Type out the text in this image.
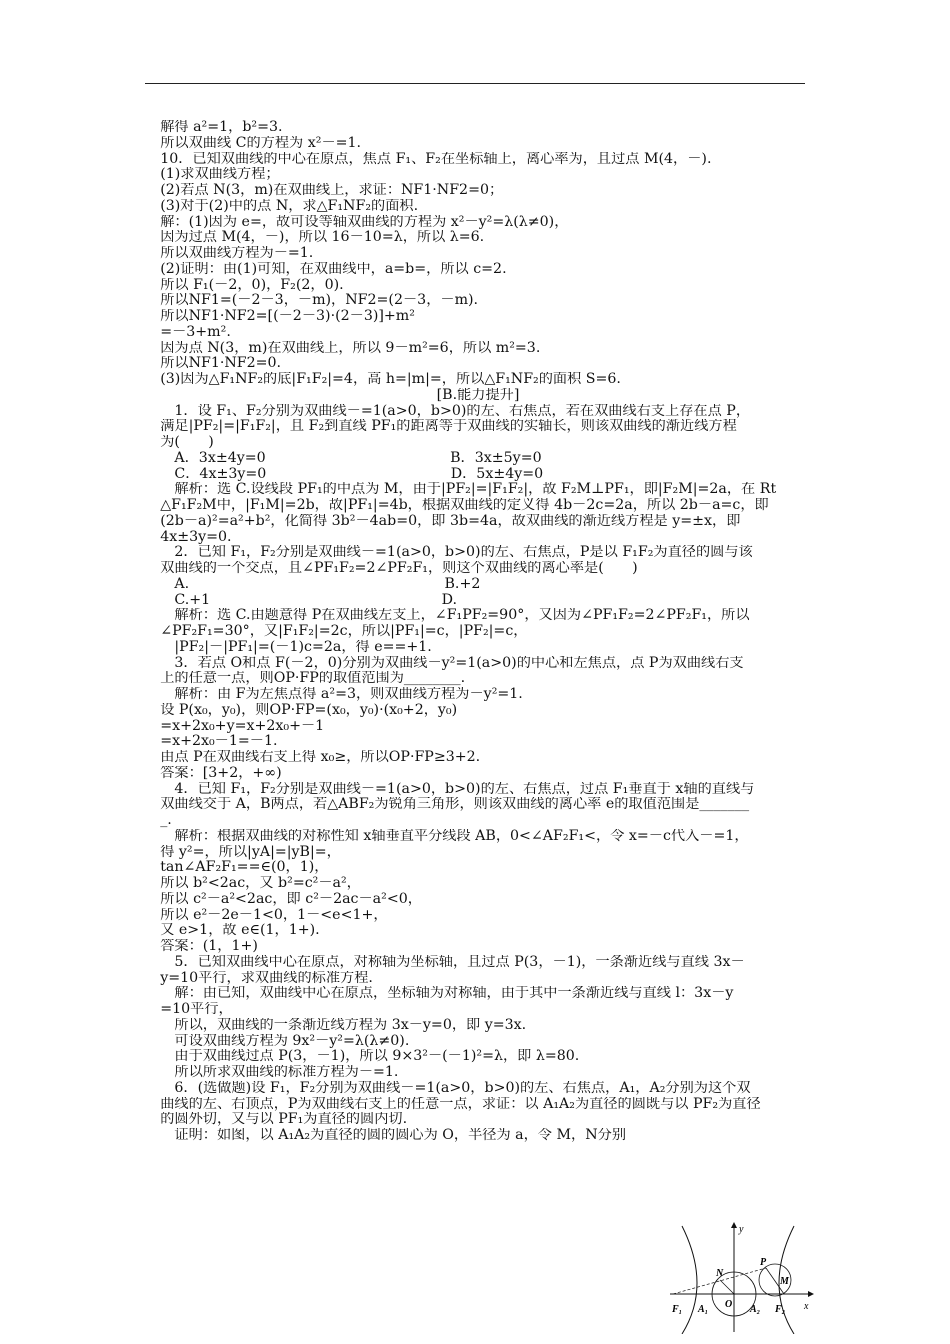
　解得 a²=1，b²=3.
　所以双曲线 C的方程为 x²－=1.
　10．已知双曲线的中心在原点，焦点 F₁、F₂在坐标轴上，离心率为，且过点 M(4，－).
　(1)求双曲线方程；
　(2)若点 N(3，m)在双曲线上，求证：NF1·NF2=0；
　(3)对于(2)中的点 N，求△F₁NF₂的面积.
　解：(1)因为 e=，故可设等轴双曲线的方程为 x²－y²=λ(λ≠0)，
　因为过点 M(4，－)，所以 16－10=λ，所以 λ=6.
　所以双曲线方程为－=1.
　(2)证明：由(1)可知，在双曲线中，a=b=，所以 c=2.
　所以 F₁(－2，0)，F₂(2，0).
　所以NF1=(－2－3，－m)，NF2=(2－3，－m).
　所以NF1·NF2=[(－2－3)·(2－3)]+m²
　=－3+m².
　因为点 N(3，m)在双曲线上，所以 9－m²=6，所以 m²=3.
　所以NF1·NF2=0.
　(3)因为△F₁NF₂的底|F₁F₂|=4，高 h=|m|=，所以△F₁NF₂的面积 S=6.
[B.能力提升]
　　1．设 F₁、F₂分别为双曲线－=1(a>0，b>0)的左、右焦点，若在双曲线右支上存在点 P，
　满足|PF₂|=|F₁F₂|，且 F₂到直线 PF₁的距离等于双曲线的实轴长，则该双曲线的渐近线方程
　为(　　)
　　A．3x±4y=0　　　　　　　　　　　　　B．3x±5y=0
　　C．4x±3y=0　　　　　　　　　　　　　D．5x±4y=0
　　解析：选 C.设线段 PF₁的中点为 M，由于|PF₂|=|F₁F₂|，故 F₂M⊥PF₁，即|F₂M|=2a，在 Rt
　△F₁F₂M中，|F₁M|=2b，故|PF₁|=4b，根据双曲线的定义得 4b－2c=2a，所以 2b－a=c，即
　(2b－a)²=a²+b²，化简得 3b²－4ab=0，即 3b=4a，故双曲线的渐近线方程是 y=±x，即
　4x±3y=0.
　　2．已知 F₁，F₂分别是双曲线－=1(a>0，b>0)的左、右焦点，P是以 F₁F₂为直径的圆与该
　双曲线的一个交点，且∠PF₁F₂=2∠PF₂F₁，则这个双曲线的离心率是(　　)
　　A.　　　　　　　　　　　　　　　　　　B.+2
　　C.+1　　　　　　　　　　　　　　　　 D.
　　解析：选 C.由题意得 P在双曲线左支上，∠F₁PF₂=90°，又因为∠PF₁F₂=2∠PF₂F₁，所以
　∠PF₂F₁=30°，又|F₁F₂|=2c，所以|PF₁|=c，|PF₂|=c，
　　|PF₂|－|PF₁|=(－1)c=2a，得 e==+1.
　　3．若点 O和点 F(－2，0)分别为双曲线－y²=1(a>0)的中心和左焦点，点 P为双曲线右支
　上的任意一点，则OP·FP的取值范围为________.
　　解析：由 F为左焦点得 a²=3，则双曲线方程为－y²=1.
　设 P(x₀，y₀)，则OP·FP=(x₀，y₀)·(x₀+2，y₀)
　=x+2x₀+y=x+2x₀+－1
　=x+2x₀－1=－1.
　由点 P在双曲线右支上得 x₀≥，所以OP·FP≥3+2.
　答案：[3+2，+∞)
　　4．已知 F₁，F₂分别是双曲线－=1(a>0，b>0)的左、右焦点，过点 F₁垂直于 x轴的直线与
　双曲线交于 A，B两点，若△ABF₂为锐角三角形，则该双曲线的离心率 e的取值范围是_______
　_.
　　解析：根据双曲线的对称性知 x轴垂直平分线段 AB，0<∠AF₂F₁<，令 x=－c代入－=1，
　得 y²=，所以|yA|=|yB|=，
　tan∠AF₂F₁==∈(0，1)，
　所以 b²<2ac，又 b²=c²－a²，
　所以 c²－a²<2ac，即 c²－2ac－a²<0，
　所以 e²－2e－1<0，1－<e<1+，
　又 e>1，故 e∈(1，1+).
　答案：(1，1+)
　　5．已知双曲线中心在原点，对称轴为坐标轴，且过点 P(3，－1)，一条渐近线与直线 3x－
　y=10平行，求双曲线的标准方程.
　　解：由已知，双曲线中心在原点，坐标轴为对称轴，由于其中一条渐近线与直线 l：3x－y
　=10平行，
　　所以，双曲线的一条渐近线方程为 3x－y=0，即 y=3x.
　　可设双曲线方程为 9x²－y²=λ(λ≠0).
　　由于双曲线过点 P(3，－1)，所以 9×3²－(－1)²=λ，即 λ=80.
　　所以所求双曲线的标准方程为－=1.
　　6．(选做题)设 F₁，F₂分别为双曲线－=1(a>0，b>0)的左、右焦点，A₁，A₂分别为这个双
　曲线的左、右顶点，P为双曲线右支上的任意一点，求证：以 A₁A₂为直径的圆既与以 PF₂为直径
　的圆外切，又与以 PF₁为直径的圆内切.
　　证明：如图，以 A₁A₂为直径的圆的圆心为 O，半径为 a，令 M，N分别
y
x
P
M
N
O
F₁ A₁	A₂ F₂
